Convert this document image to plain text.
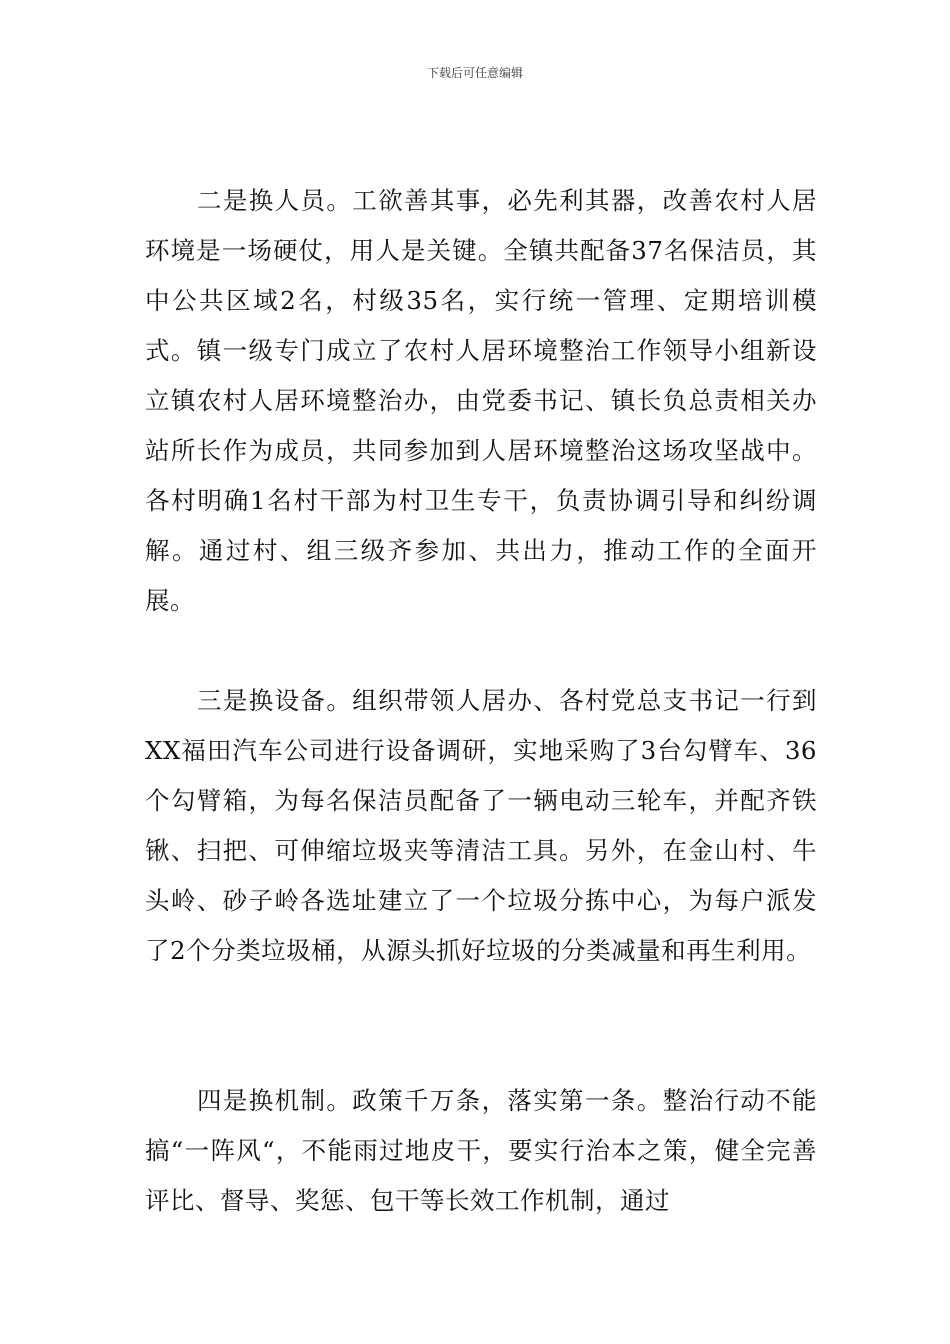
下载后可任意编辑

二是换人员。工欲善其事，必先利其器，改善农村人居环境是一场硬仗，用人是关键。全镇共配备37名保洁员，其中公共区域2名，村级35名，实行统一管理、定期培训模式。镇一级专门成立了农村人居环境整治工作领导小组新设立镇农村人居环境整治办，由党委书记、镇长负总责相关办站所长作为成员，共同参加到人居环境整治这场攻坚战中。各村明确1名村干部为村卫生专干，负责协调引导和纠纷调解。通过村、组三级齐参加、共出力，推动工作的全面开展。

三是换设备。组织带领人居办、各村党总支书记一行到XX福田汽车公司进行设备调研，实地采购了3台勾臂车、36个勾臂箱，为每名保洁员配备了一辆电动三轮车，并配齐铁锹、扫把、可伸缩垃圾夹等清洁工具。另外，在金山村、牛头岭、砂子岭各选址建立了一个垃圾分拣中心，为每户派发了2个分类垃圾桶，从源头抓好垃圾的分类减量和再生利用。

四是换机制。政策千万条，落实第一条。整治行动不能搞“一阵风“，不能雨过地皮干，要实行治本之策，健全完善评比、督导、奖惩、包干等长效工作机制，通过
